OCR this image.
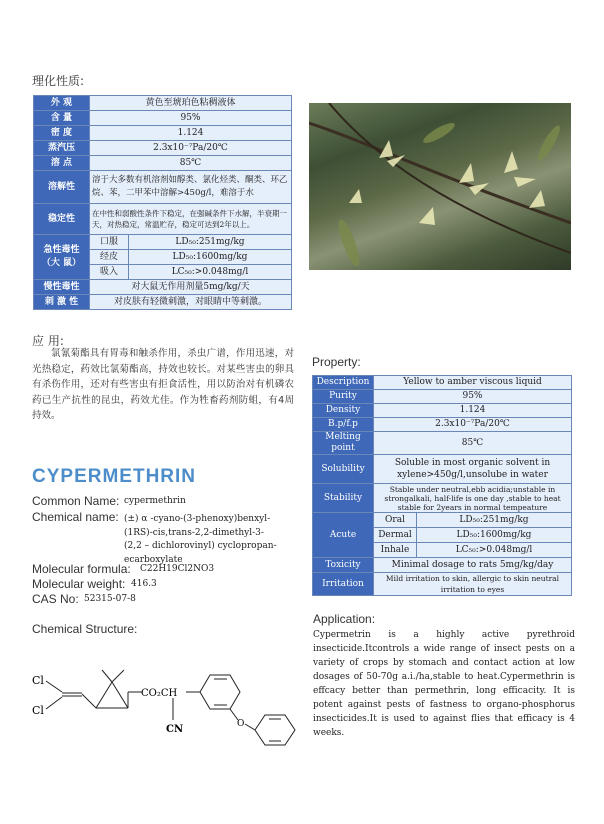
理化性质:
外 观	黄色至琥珀色粘稠液体	
含 量	95%	
密 度	1.124	
蒸汽压	2.3x10⁻⁷Pa/20℃	
溶 点	85℃	
溶解性	溶于大多数有机溶剂如醇类、氯化烃类、酮类、环乙烷、苯，二甲苯中溶解>450g/l，难溶于水	
稳定性	在中性和弱酸性条件下稳定，在强碱条件下水解，半衰期一天，对热稳定，常温贮存，稳定可达到2年以上。	
急性毒性（大 鼠）	口服	LD₅₀:251mg/kg
	经皮	LD₅₀:1600mg/kg
	吸入	LC₅₀:>0.048mg/l
慢性毒性	对大鼠无作用剂量5mg/kg/天	
刺 激 性	对皮肤有轻微刺激，对眼睛中等刺激。	
应 用:
氯氰菊酯具有胃毒和触杀作用，杀虫广谱，作用迅速，对光热稳定，药效比氯菊酯高，持效也较长。对某些害虫的卵具有杀伤作用，还对有些害虫有拒食活性，用以防治对有机磷农药已生产抗性的昆虫，药效尤佳。作为牲畜药剂防蛆，有4周持效。
CYPERMETHRIN
Common Name: cypermethrin
Chemical name: (±) α -cyano-(3-phenoxy)benxyl-
(1RS)-cis,trans-2,2-dimethyl-3-
(2,2 – dichlorovinyl) cyclopropan-
ecarboxylate
Molecular formula: C22H19Cl2NO3
Molecular weight: 416.3
CAS No: 52315-07-8
Chemical Structure:
Cl
Cl
CO₂CH
CN	O
Property:
Description	Yellow to amber viscous liquid	
Purity	95%	
Density	1.124	
B.p/f.p	2.3x10⁻⁷Pa/20℃	
Melting point	85℃	
Solubility	Soluble in most organic solvent in xylene>450g/l,unsolube in water	
Stability	Stable under neutral,ebb acidia;unstable in strongalkali, half-life is one day ,stable to heat stable for 2years in normal tempeature	
Acute	Oral	LD₅₀:251mg/kg
	Dermal	LD₅₀:1600mg/kg
	Inhale	LC₅₀:>0.048mg/l
Toxicity	Minimal dosage to rats 5mg/kg/day	
Irritation	Mild irritation to skin, allergic to skin neutral irritation to eyes	
Application:
Cypermetrin is a highly active pyrethroid insecticide.Itcontrols a wide range of insect pests on a variety of crops by stomach and contact action at low dosages of 50-70g a.i./ha,stable to heat.Cypermethrin is effcacy better than permethrin, long efficacity. It is potent against pests of fastness to organo-phosphorus insecticides.It is used to against flies that efficacy is 4 weeks.
